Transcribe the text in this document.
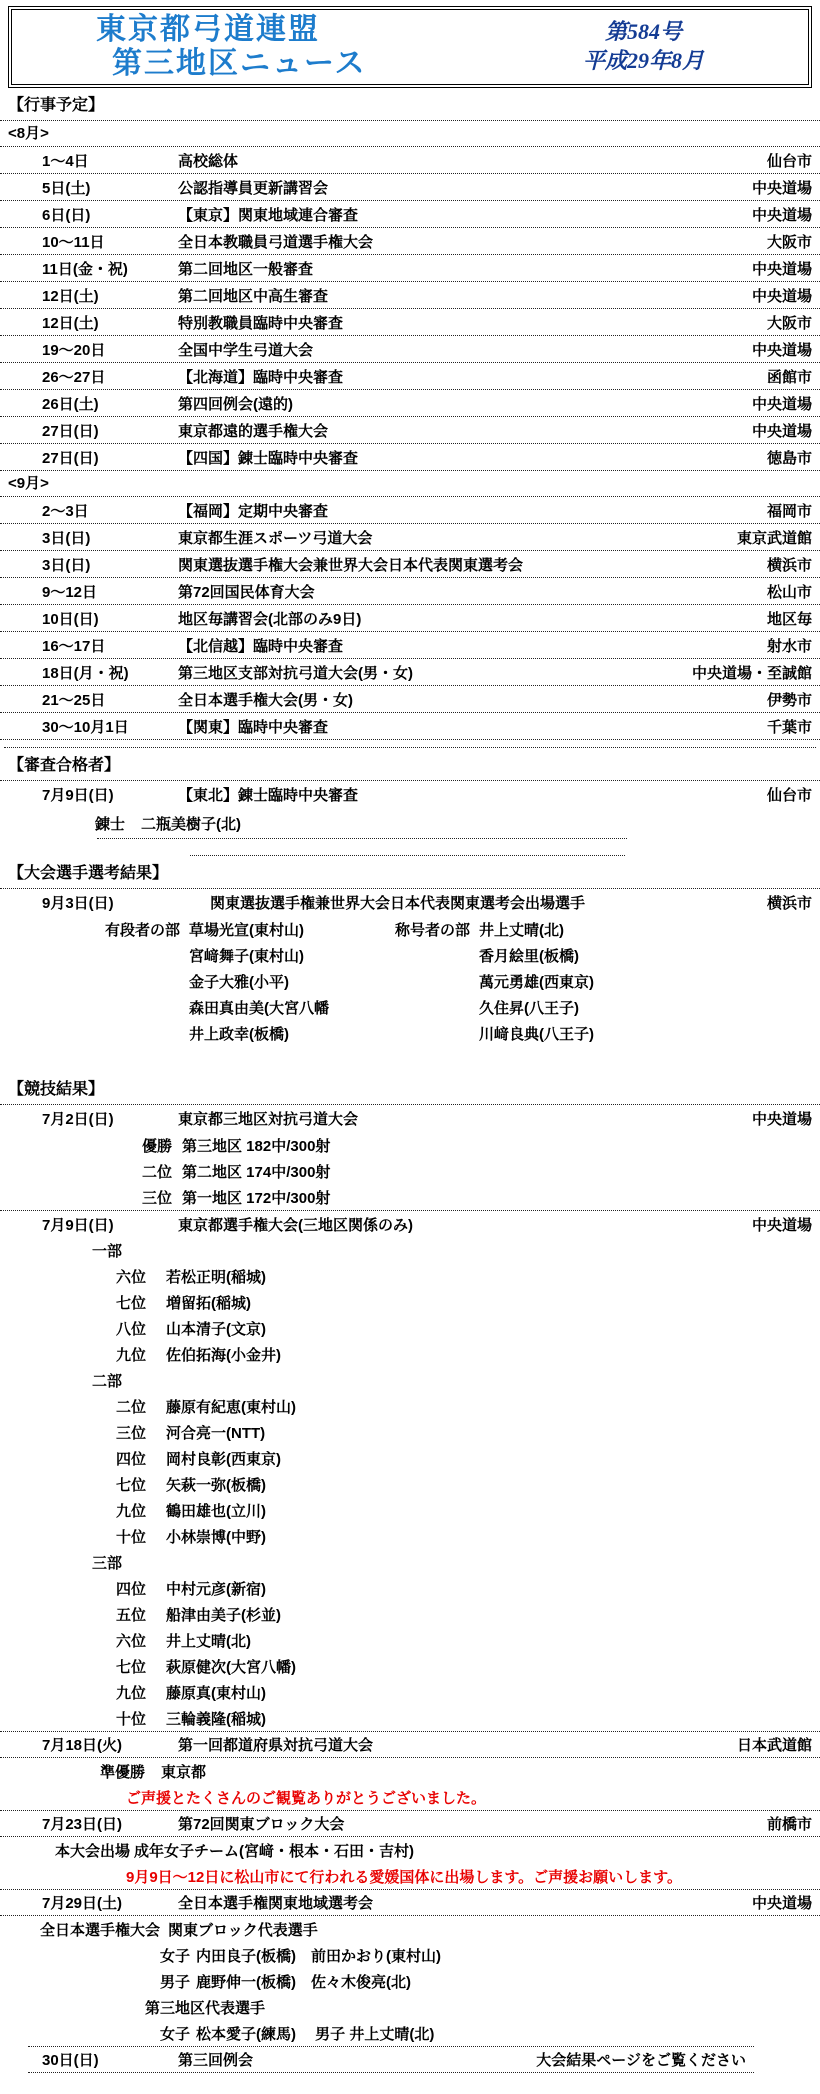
東京都弓道連盟
第三地区ニュース
第584号
平成29年8月
【行事予定】
<8月>
1～4日	高校総体	仙台市
5日(土)	公認指導員更新講習会	中央道場
6日(日)	【東京】関東地域連合審査	中央道場
10～11日	全日本教職員弓道選手権大会	大阪市
11日(金・祝)	第二回地区一般審査	中央道場
12日(土)	第二回地区中高生審査	中央道場
12日(土)	特別教職員臨時中央審査	大阪市
19～20日	全国中学生弓道大会	中央道場
26～27日	【北海道】臨時中央審査	函館市
26日(土)	第四回例会(遠的)	中央道場
27日(日)	東京都遠的選手権大会	中央道場
27日(日)	【四国】錬士臨時中央審査	徳島市
<9月>
2～3日	【福岡】定期中央審査	福岡市
3日(日)	東京都生涯スポーツ弓道大会	東京武道館
3日(日)	関東選抜選手権大会兼世界大会日本代表関東選考会	横浜市
9～12日	第72回国民体育大会	松山市
10日(日)	地区毎講習会(北部のみ9日)	地区毎
16～17日	【北信越】臨時中央審査	射水市
18日(月・祝)	第三地区支部対抗弓道大会(男・女)	中央道場・至誠館
21～25日	全日本選手権大会(男・女)	伊勢市
30～10月1日	【関東】臨時中央審査	千葉市
【審査合格者】
7月9日(日)	【東北】錬士臨時中央審査	仙台市
錬士	二瓶美樹子(北)
【大会選手選考結果】
9月3日(日)	関東選抜選手権兼世界大会日本代表関東選考会出場選手	横浜市
有段者の部 草場光宣(東村山)	称号者の部 井上丈晴(北)
宮﨑舞子(東村山)	香月絵里(板橋)
金子大雅(小平)	萬元勇雄(西東京)
森田真由美(大宮八幡	久住昇(八王子)
井上政幸(板橋)	川﨑良典(八王子)
【競技結果】
7月2日(日)	東京都三地区対抗弓道大会	中央道場
優勝 第三地区 182中/300射
二位 第二地区 174中/300射
三位 第一地区 172中/300射
7月9日(日)	東京都選手権大会(三地区関係のみ)	中央道場
一部
六位	若松正明(稲城)
七位	増留拓(稲城)
八位	山本清子(文京)
九位	佐伯拓海(小金井)
二部
二位	藤原有紀恵(東村山)
三位	河合亮一(NTT)
四位	岡村良彰(西東京)
七位	矢萩一弥(板橋)
九位	鶴田雄也(立川)
十位	小林崇博(中野)
三部
四位	中村元彦(新宿)
五位	船津由美子(杉並)
六位	井上丈晴(北)
七位	萩原健次(大宮八幡)
九位	藤原真(東村山)
十位	三輪義隆(稲城)
7月18日(火)	第一回都道府県対抗弓道大会	日本武道館
準優勝 東京都
ご声援とたくさんのご観覧ありがとうございました。
7月23日(日)	第72回関東ブロック大会	前橋市
本大会出場 成年女子チーム(宮﨑・根本・石田・吉村)
9月9日～12日に松山市にて行われる愛媛国体に出場します。ご声援お願いします。
7月29日(土)	全日本選手権関東地域選考会	中央道場
全日本選手権大会 関東ブロック代表選手
女子 内田良子(板橋)　前田かおり(東村山)
男子 鹿野伸一(板橋)　佐々木俊亮(北)
第三地区代表選手
女子 松本愛子(練馬)　 男子 井上丈晴(北)
30日(日)	第三回例会	大会結果ページをご覧ください
